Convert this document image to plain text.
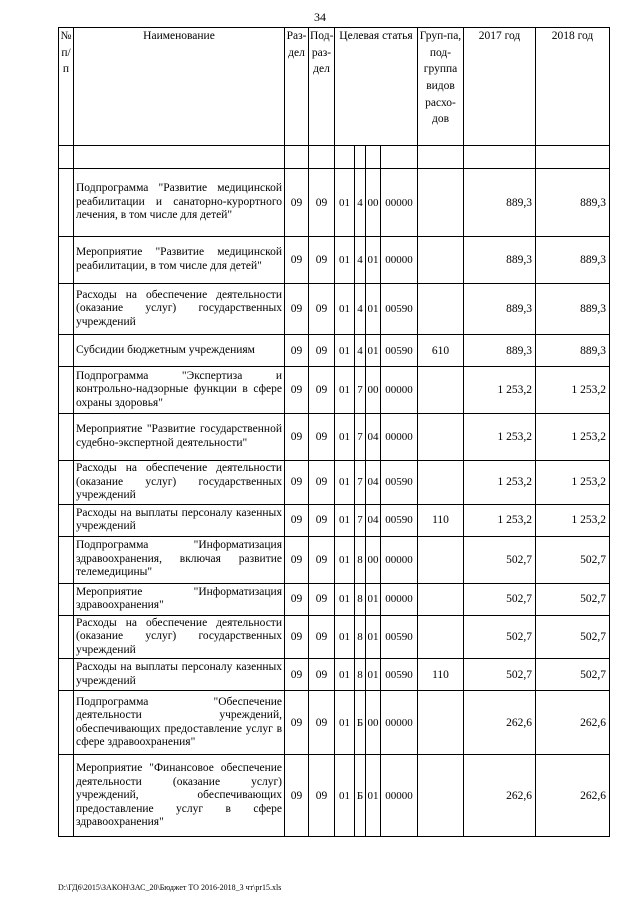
34
№ п/п	Наименование	Раз-дел	Под-раз-дел	Целевая статья				Груп-па, под-группа видов расхо-дов	2017 год	2018 год

	Подпрограмма "Развитие медицинской реабилитации и санаторно-курортного лечения, в том числе для детей"	09	09	01	4	00	00000		889,3	889,3
	Мероприятие "Развитие медицинской реабилитации, в том числе для детей"	09	09	01	4	01	00000		889,3	889,3
	Расходы на обеспечение деятельности (оказание услуг) государственных учреждений	09	09	01	4	01	00590		889,3	889,3
	Субсидии бюджетным учреждениям	09	09	01	4	01	00590	610	889,3	889,3
	Подпрограмма "Экспертиза и контрольно-надзорные функции в сфере охраны здоровья"	09	09	01	7	00	00000		1 253,2	1 253,2
	Мероприятие "Развитие государственной судебно-экспертной деятельности"	09	09	01	7	04	00000		1 253,2	1 253,2
	Расходы на обеспечение деятельности (оказание услуг) государственных учреждений	09	09	01	7	04	00590		1 253,2	1 253,2
	Расходы на выплаты персоналу казенных учреждений	09	09	01	7	04	00590	110	1 253,2	1 253,2
	Подпрограмма "Информатизация здравоохранения, включая развитие телемедицины"	09	09	01	8	00	00000		502,7	502,7
	Мероприятие "Информатизация здравоохранения"	09	09	01	8	01	00000		502,7	502,7
	Расходы на обеспечение деятельности (оказание услуг) государственных учреждений	09	09	01	8	01	00590		502,7	502,7
	Расходы на выплаты персоналу казенных учреждений	09	09	01	8	01	00590	110	502,7	502,7
	Подпрограмма "Обеспечение деятельности учреждений, обеспечивающих предоставление услуг в сфере здравоохранения"	09	09	01	Б	00	00000		262,6	262,6
	Мероприятие "Финансовое обеспечение деятельности (оказание услуг) учреждений, обеспечивающих предоставление услуг в сфере здравоохранения"	09	09	01	Б	01	00000		262,6	262,6
D:\ГД6\2015\ЗАКОН\ЗАС_20\Бюджет ТО 2016-2018_3 чт\pr15.xls
